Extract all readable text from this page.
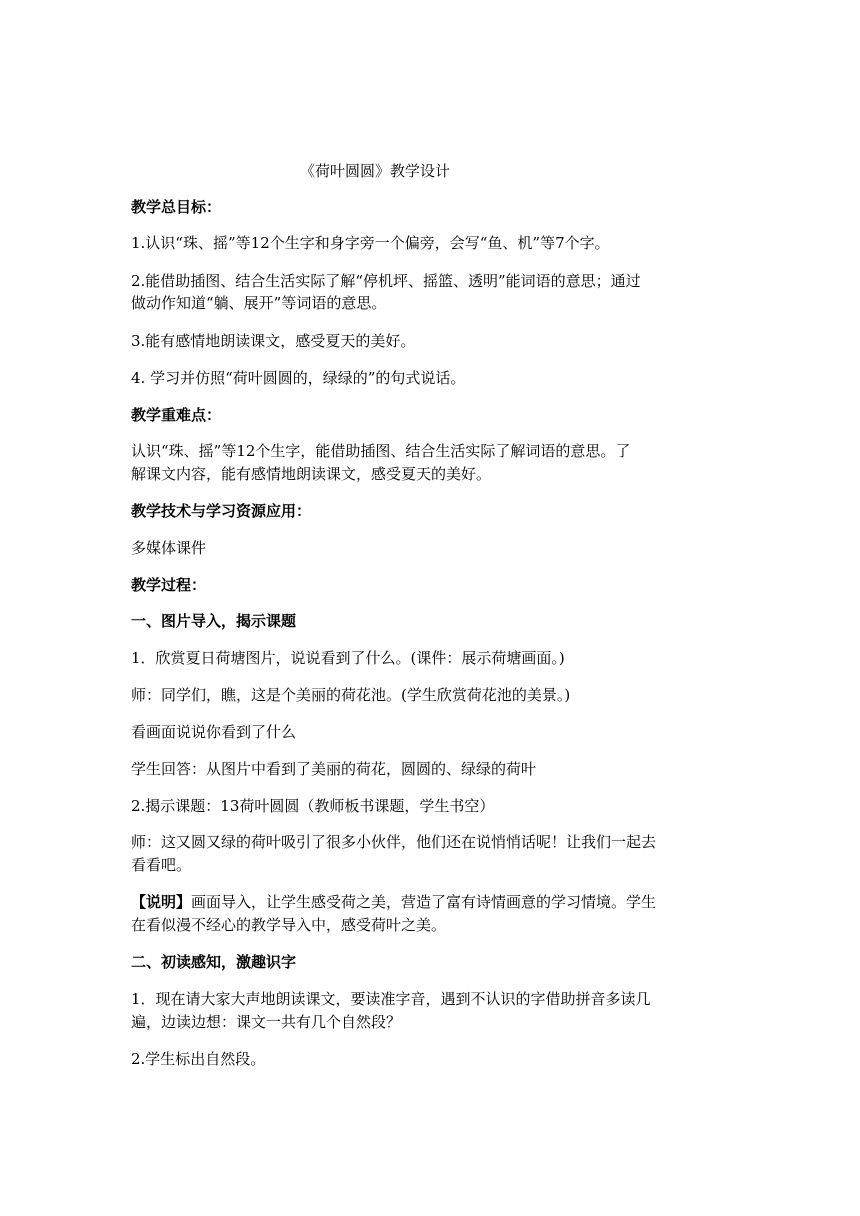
《荷叶圆圆》教学设计
教学总目标：
1.认识“珠、摇”等12个生字和身字旁一个偏旁，会写“鱼、机”等7个字。
2.能借助插图、结合生活实际了解“停机坪、摇篮、透明”能词语的意思；通过
做动作知道“躺、展开”等词语的意思。
3.能有感情地朗读课文，感受夏天的美好。
4. 学习并仿照“荷叶圆圆的，绿绿的”的句式说话。
教学重难点：
认识“珠、摇”等12个生字，能借助插图、结合生活实际了解词语的意思。了
解课文内容，能有感情地朗读课文，感受夏天的美好。
教学技术与学习资源应用：
多媒体课件
教学过程：
一、图片导入，揭示课题
1．欣赏夏日荷塘图片，说说看到了什么。(课件：展示荷塘画面。)
师：同学们，瞧，这是个美丽的荷花池。(学生欣赏荷花池的美景。)
看画面说说你看到了什么
学生回答：从图片中看到了美丽的荷花，圆圆的、绿绿的荷叶
2.揭示课题：13荷叶圆圆（教师板书课题，学生书空）
师：这又圆又绿的荷叶吸引了很多小伙伴，他们还在说悄悄话呢！让我们一起去
看看吧。
【说明】画面导入，让学生感受荷之美，营造了富有诗情画意的学习情境。学生
在看似漫不经心的教学导入中，感受荷叶之美。
二、初读感知，激趣识字
1．现在请大家大声地朗读课文，要读准字音，遇到不认识的字借助拼音多读几
遍，边读边想：课文一共有几个自然段？
2.学生标出自然段。
